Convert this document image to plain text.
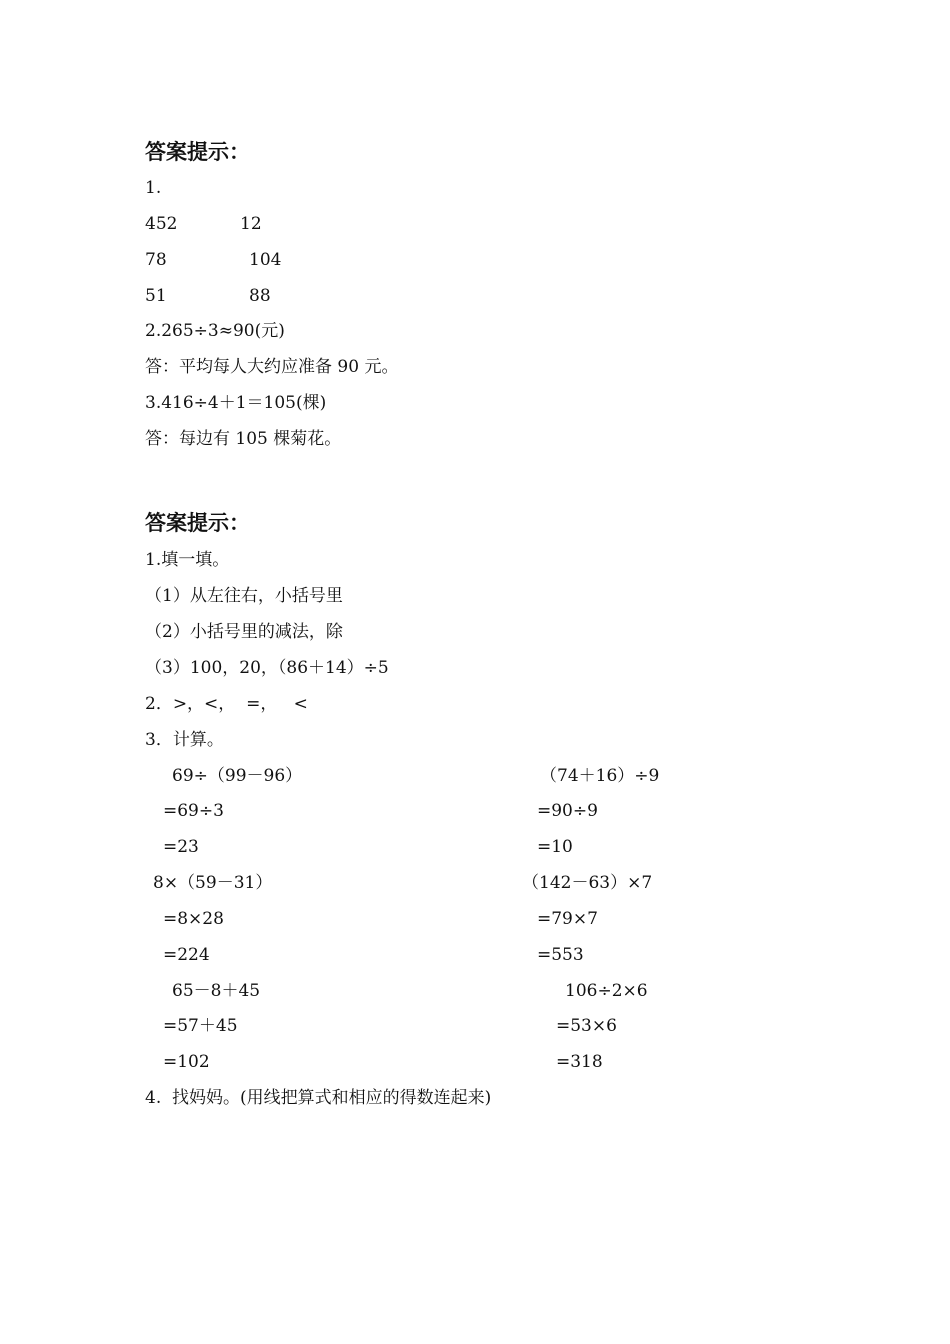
答案提示：
1.
452	12
78	104
51	88
2.265÷3≈90(元)
答：平均每人大约应准备 90 元。
3.416÷4＋1＝105(棵)
答：每边有 105 棵菊花。
答案提示：
1.填一填。
（1）从左往右，小括号里
（2）小括号里的减法，除
（3）100，20，（86＋14）÷5
2．>，<，  =，   <
3．计算。
69÷（99－96）
=69÷3
=23
（74＋16）÷9
=90÷9
=10
8×（59－31）
=8×28
=224
（142－63）×7
=79×7
=553
65－8＋45
=57＋45
=102
106÷2×6
=53×6
=318
4.  找妈妈。(用线把算式和相应的得数连起来)
